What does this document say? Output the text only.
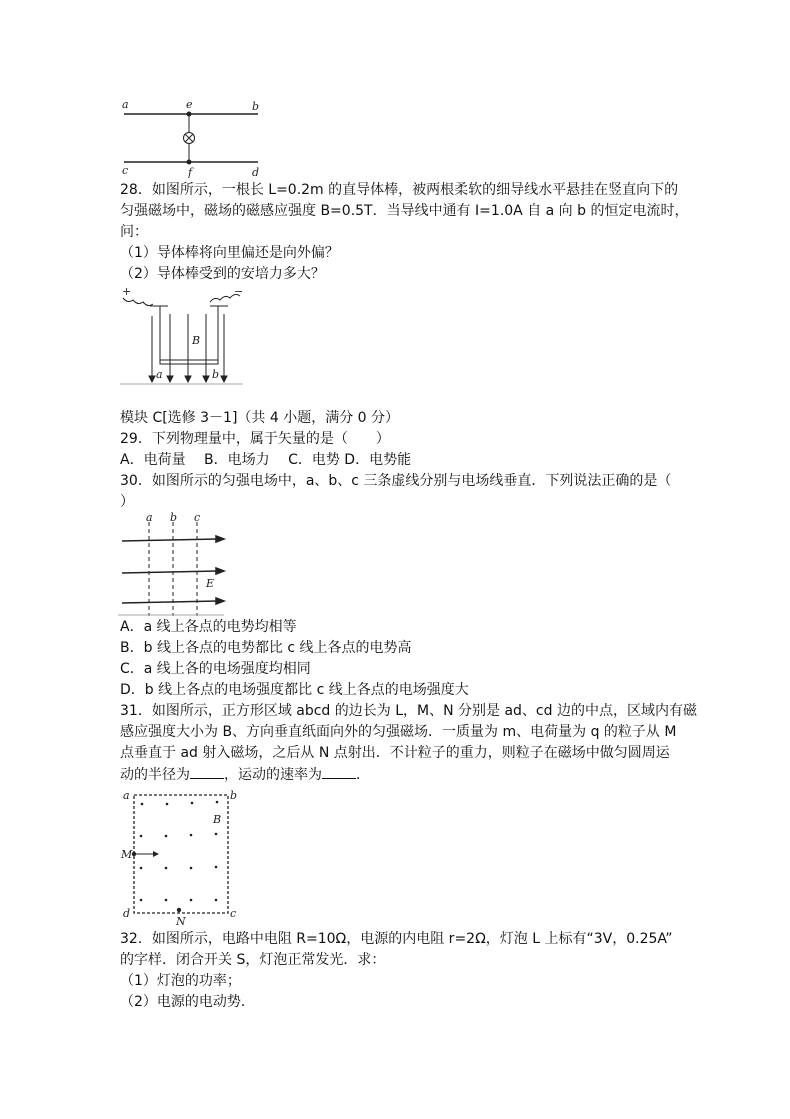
a	e	b
c	f	d

28．如图所示，一根长 L=0.2m 的直导体棒，被两根柔软的细导线水平悬挂在竖直向下的

匀强磁场中，磁场的磁感应强度 B=0.5T．当导线中通有 I=1.0A 自 a 向 b 的恒定电流时，

问：

（1）导体棒将向里偏还是向外偏？

（2）导体棒受到的安培力多大？

+	−
B
a	b

模块 C[选修 3－1]（共 4 小题，满分 0 分）

29．下列物理量中，属于矢量的是（　　）

A．电荷量　 B．电场力　 C．电势 D．电势能

30．如图所示的匀强电场中，a、b、c 三条虚线分别与电场线垂直．下列说法正确的是（

）

a b c
E

A．a 线上各点的电势均相等

B．b 线上各点的电势都比 c 线上各点的电势高

C．a 线上各的电场强度均相同

D．b 线上各点的电场强度都比 c 线上各点的电场强度大

31．如图所示，正方形区域 abcd 的边长为 L，M、N 分别是 ad、cd 边的中点，区域内有磁

感应强度大小为 B、方向垂直纸面向外的匀强磁场．一质量为 m、电荷量为 q 的粒子从 M

点垂直于 ad 射入磁场，之后从 N 点射出．不计粒子的重力，则粒子在磁场中做匀圆周运

动的半径为 ，运动的速率为 ．

a	b
c
d
M
N
B

32．如图所示，电路中电阻 R=10Ω，电源的内电阻 r=2Ω，灯泡 L 上标有“3V，0.25A”

的字样．闭合开关 S，灯泡正常发光．求：

（1）灯泡的功率；

（2）电源的电动势．
